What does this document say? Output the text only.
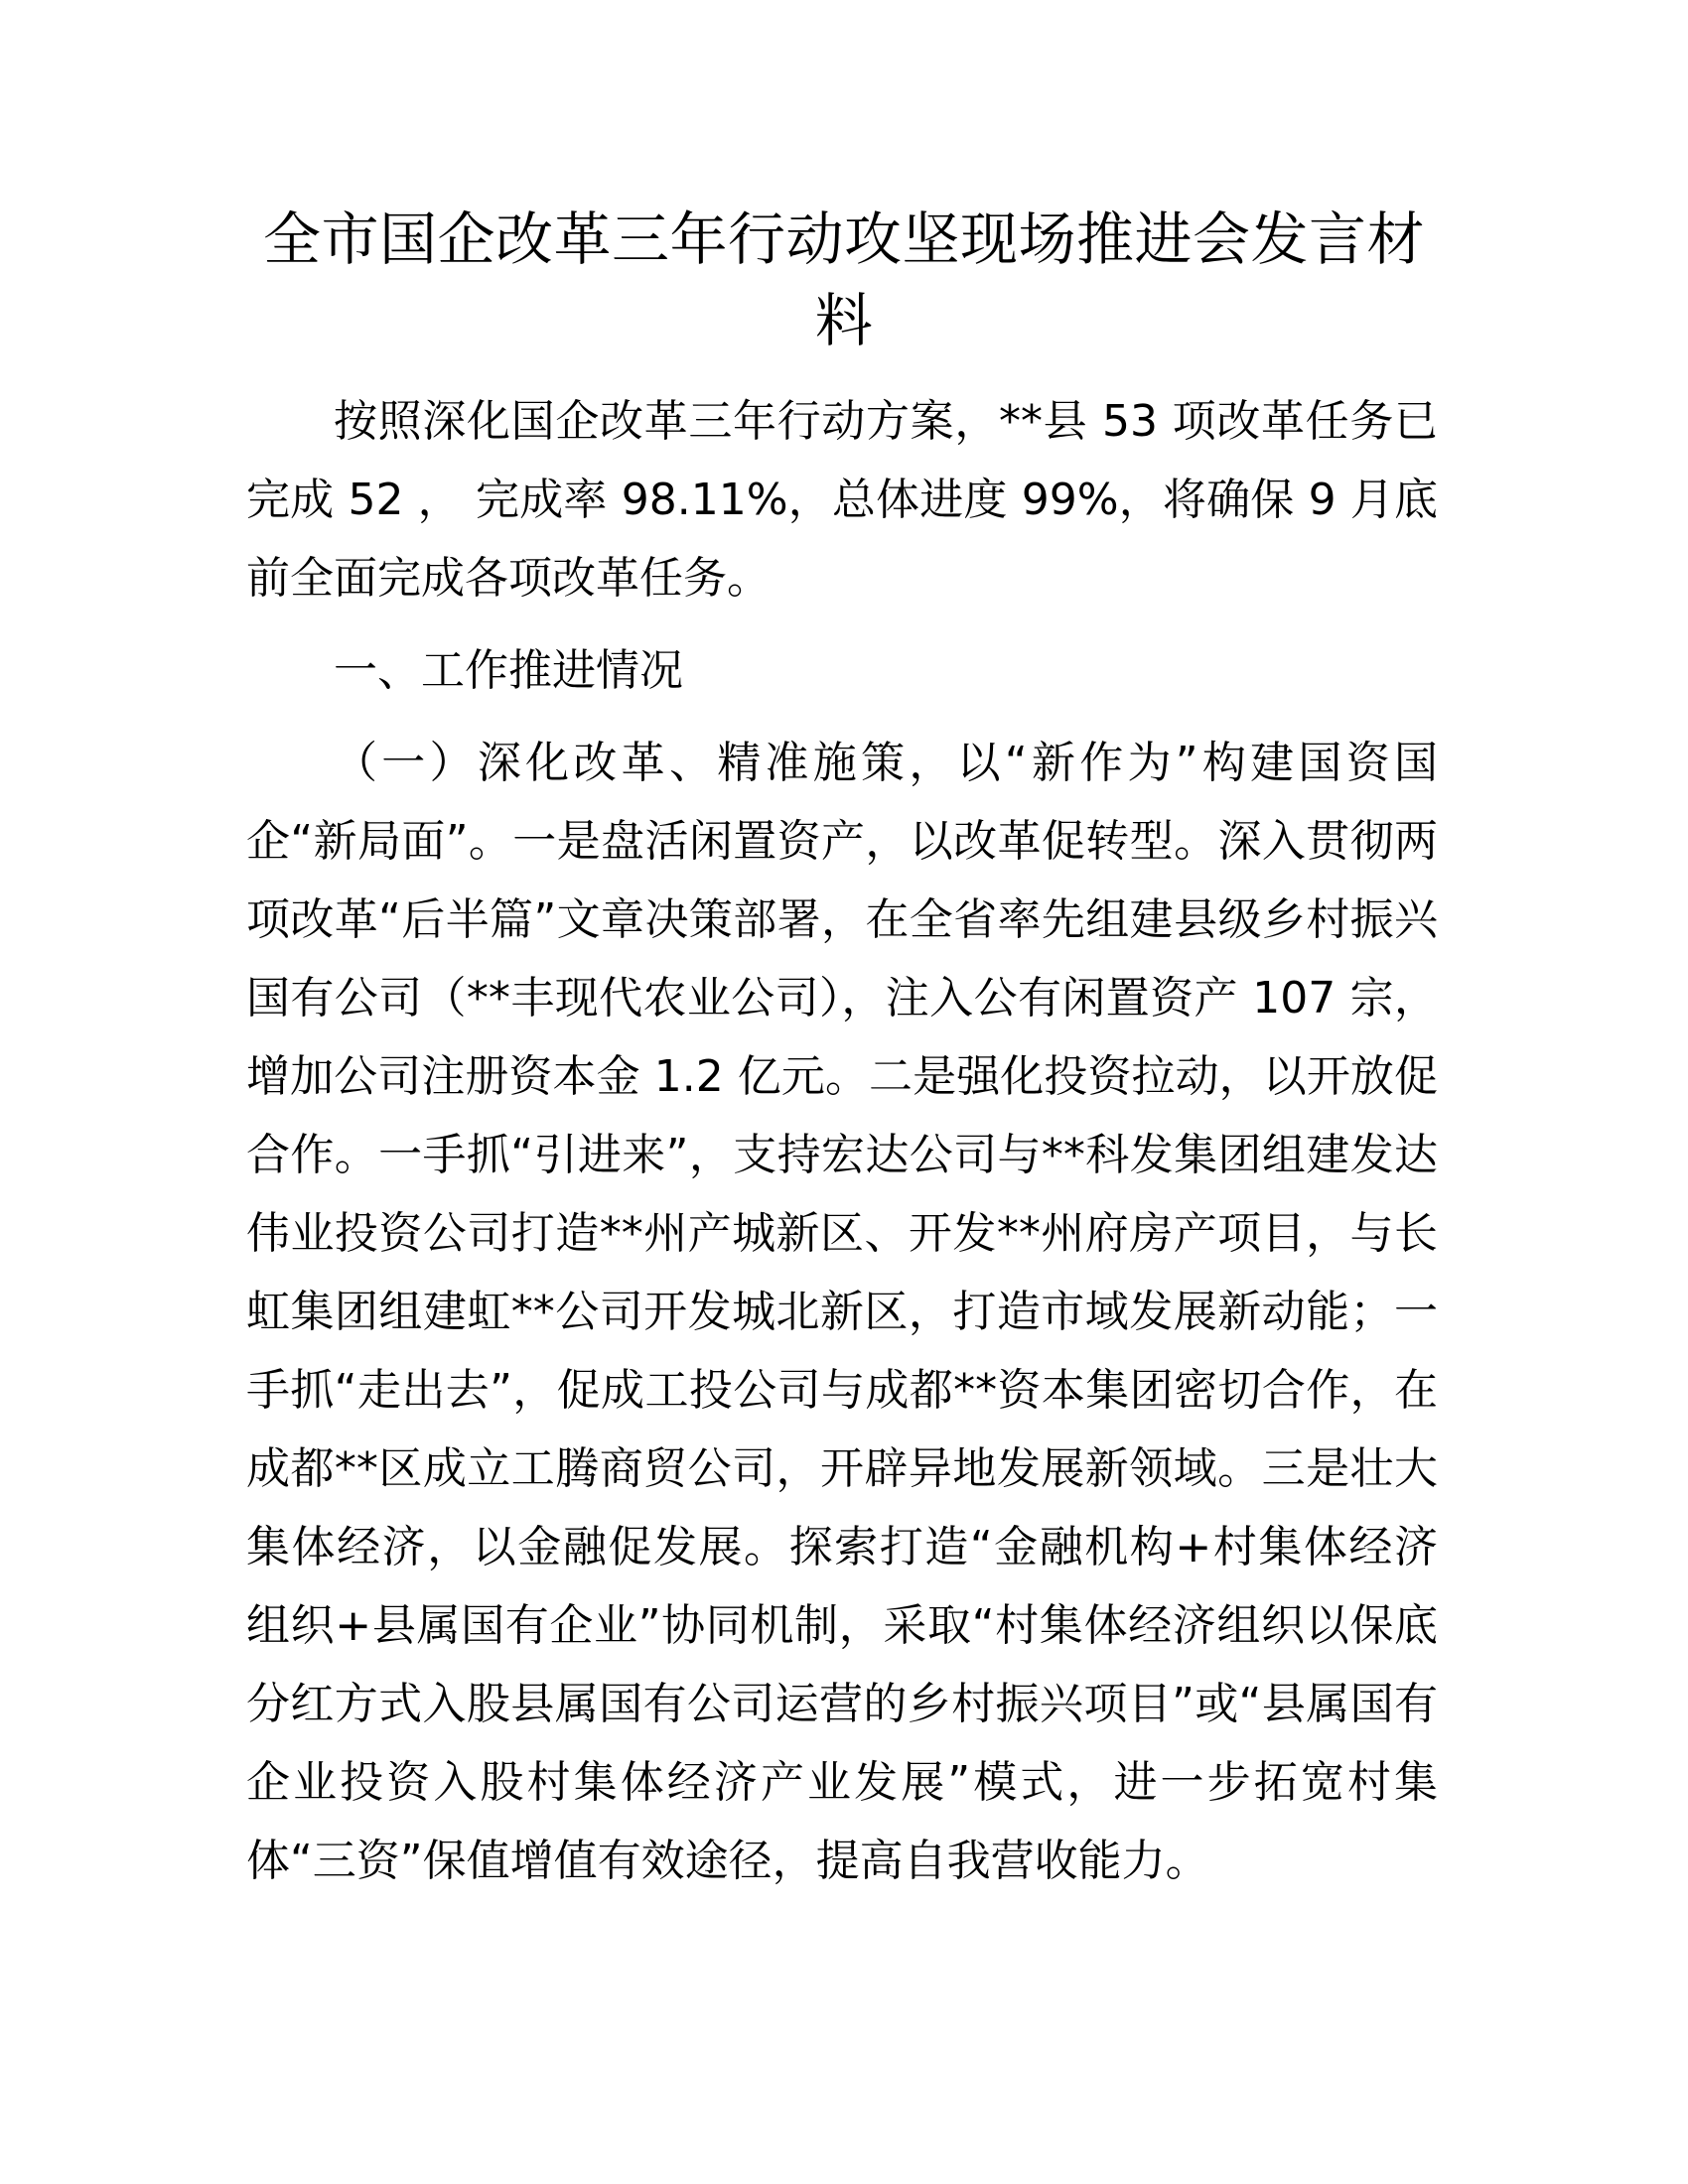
全市国企改革三年行动攻坚现场推进会发言材料

按照深化国企改革三年行动方案，**县 53 项改革任务已完成 52 ， 完成率 98.11%，总体进度 99%，将确保 9 月底前全面完成各项改革任务。

一、工作推进情况

（一）深化改革、精准施策，以“新作为”构建国资国企“新局面”。一是盘活闲置资产，以改革促转型。深入贯彻两项改革“后半篇”文章决策部署，在全省率先组建县级乡村振兴国有公司（**丰现代农业公司），注入公有闲置资产 107 宗，增加公司注册资本金 1.2 亿元。二是强化投资拉动，以开放促合作。一手抓“引进来”，支持宏达公司与**科发集团组建发达伟业投资公司打造**州产城新区、开发**州府房产项目，与长虹集团组建虹**公司开发城北新区，打造市域发展新动能；一手抓“走出去”，促成工投公司与成都**资本集团密切合作，在成都**区成立工腾商贸公司，开辟异地发展新领域。三是壮大集体经济，以金融促发展。探索打造“金融机构+村集体经济组织+县属国有企业”协同机制，采取“村集体经济组织以保底分红方式入股县属国有公司运营的乡村振兴项目”或“县属国有企业投资入股村集体经济产业发展”模式，进一步拓宽村集体“三资”保值增值有效途径，提高自我营收能力。
